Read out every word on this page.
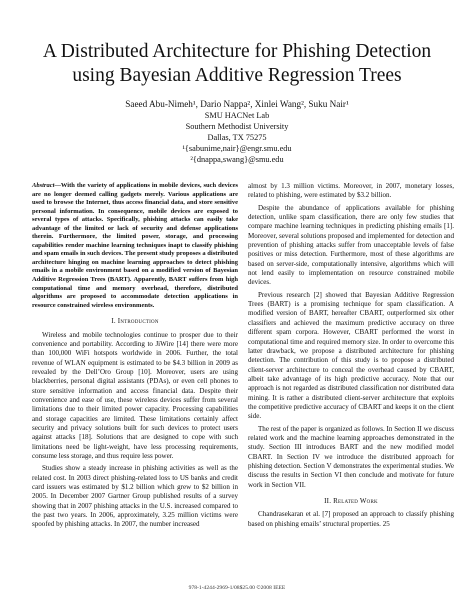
A Distributed Architecture for Phishing Detection using Bayesian Additive Regression Trees
Saeed Abu-Nimeh¹, Dario Nappa², Xinlei Wang², Suku Nair¹
SMU HACNet Lab
Southern Methodist University
Dallas, TX 75275
¹{sabunime,nair}@engr.smu.edu
²{dnappa,swang}@smu.edu

Abstract—With the variety of applications in mobile devices, such devices are no longer deemed calling gadgets merely. Various applications are used to browse the Internet, thus access financial data, and store sensitive personal information. In consequence, mobile devices are exposed to several types of attacks. Specifically, phishing attacks can easily take advantage of the limited or lack of security and defense applications therein. Furthermore, the limited power, storage, and processing capabilities render machine learning techniques inapt to classify phishing and spam emails in such devices. The present study proposes a distributed architecture hinging on machine learning approaches to detect phishing emails in a mobile environment based on a modified version of Bayesian Additive Regression Trees (BART). Apparently, BART suffers from high computational time and memory overhead, therefore, distributed algorithms are proposed to accommodate detection applications in resource constrained wireless environments.

I. Introduction

Wireless and mobile technologies continue to prosper due to their convenience and portability. According to JiWire [14] there were more than 100,000 WiFi hotspots worldwide in 2006. Further, the total revenue of WLAN equipment is estimated to be $4.3 billion in 2009 as revealed by the Dell’Oro Group [10]. Moreover, users are using blackberries, personal digital assistants (PDAs), or even cell phones to store sensitive information and access financial data. Despite their convenience and ease of use, these wireless devices suffer from several limitations due to their limited power capacity. Processing capabilities and storage capacities are limited. These limitations certainly affect security and privacy solutions built for such devices to protect users against attacks [18]. Solutions that are designed to cope with such limitations need be light-weight, have less processing requirements, consume less storage, and thus require less power.

Studies show a steady increase in phishing activities as well as the related cost. In 2003 direct phishing-related loss to US banks and credit card issuers was estimated by $1.2 billion which grew to $2 billion in 2005. In December 2007 Gartner Group published results of a survey showing that in 2007 phishing attacks in the U.S. increased compared to the past two years. In 2006, approximately, 3.25 million victims were spoofed by phishing attacks. In 2007, the number increased

almost by 1.3 million victims. Moreover, in 2007, monetary losses, related to phishing, were estimated by $3.2 billion.

Despite the abundance of applications available for phishing detection, unlike spam classification, there are only few studies that compare machine learning techniques in predicting phishing emails [1]. Moreover, several solutions proposed and implemented for detection and prevention of phishing attacks suffer from unacceptable levels of false positives or miss detection. Furthermore, most of these algorithms are based on server-side, computationally intensive, algorithms which will not lend easily to implementation on resource constrained mobile devices.

Previous research [2] showed that Bayesian Additive Regression Trees (BART) is a promising technique for spam classification. A modified version of BART, hereafter CBART, outperformed six other classifiers and achieved the maximum predictive accuracy on three different spam corpora. However, CBART performed the worst in computational time and required memory size. In order to overcome this latter drawback, we propose a distributed architecture for phishing detection. The contribution of this study is to propose a distributed client-server architecture to conceal the overhead caused by CBART, albeit take advantage of its high predictive accuracy. Note that our approach is not regarded as distributed classification nor distributed data mining. It is rather a distributed client-server architecture that exploits the competitive predictive accuracy of CBART and keeps it on the client side.

The rest of the paper is organized as follows. In Section II we discuss related work and the machine learning approaches demonstrated in the study. Section III introduces BART and the new modified model CBART. In Section IV we introduce the distributed approach for phishing detection. Section V demonstrates the experimental studies. We discuss the results in Section VI then conclude and motivate for future work in Section VII.

II. Related Work

Chandrasekaran et al. [7] proposed an approach to classify phishing based on phishing emails’ structural properties. 25

978-1-4244-2969-1/08$25.00 ©2008 IEEE
